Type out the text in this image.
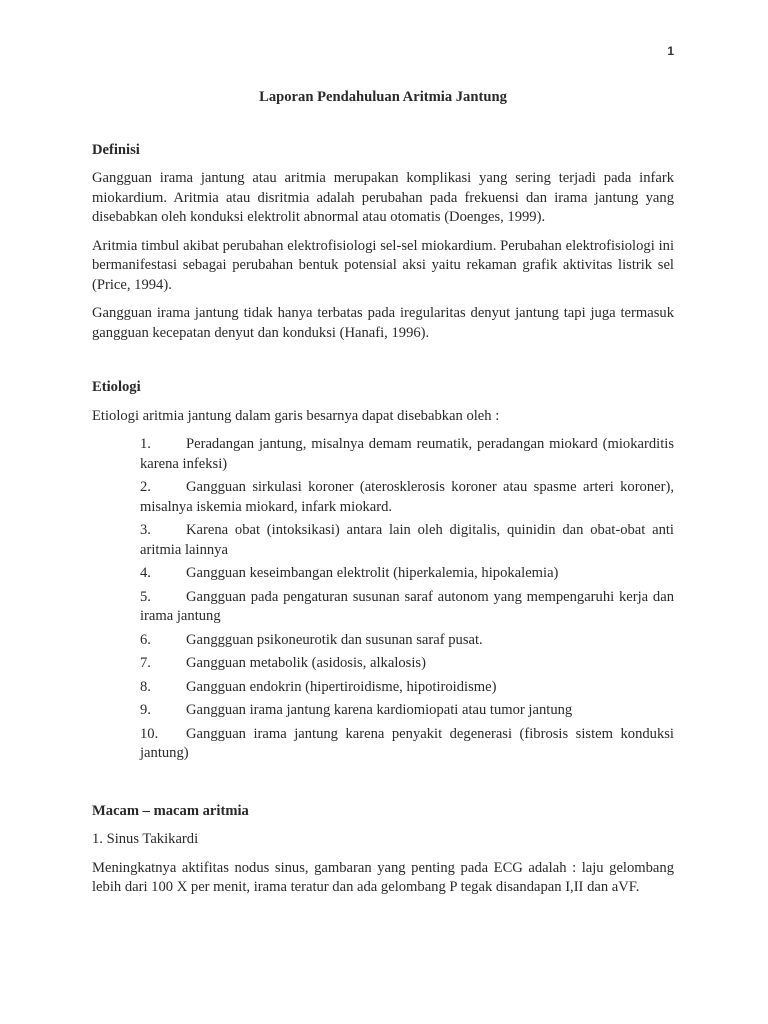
1
Laporan Pendahuluan Aritmia Jantung
Definisi

Gangguan irama jantung atau aritmia merupakan komplikasi yang sering terjadi pada infark miokardium. Aritmia atau disritmia adalah perubahan pada frekuensi dan irama jantung yang disebabkan oleh konduksi elektrolit abnormal atau otomatis (Doenges, 1999).

Aritmia timbul akibat perubahan elektrofisiologi sel-sel miokardium. Perubahan elektrofisiologi ini bermanifestasi sebagai perubahan bentuk potensial aksi yaitu rekaman grafik aktivitas listrik sel (Price, 1994).

Gangguan irama jantung tidak hanya terbatas pada iregularitas denyut jantung tapi juga termasuk gangguan kecepatan denyut dan konduksi (Hanafi, 1996).

Etiologi

Etiologi aritmia jantung dalam garis besarnya dapat disebabkan oleh :

1. Peradangan jantung, misalnya demam reumatik, peradangan miokard (miokarditis karena infeksi)
2. Gangguan sirkulasi koroner (aterosklerosis koroner atau spasme arteri koroner), misalnya iskemia miokard, infark miokard.
3. Karena obat (intoksikasi) antara lain oleh digitalis, quinidin dan obat-obat anti aritmia lainnya
4. Gangguan keseimbangan elektrolit (hiperkalemia, hipokalemia)
5. Gangguan pada pengaturan susunan saraf autonom yang mempengaruhi kerja dan irama jantung
6. Ganggguan psikoneurotik dan susunan saraf pusat.
7. Gangguan metabolik (asidosis, alkalosis)
8. Gangguan endokrin (hipertiroidisme, hipotiroidisme)
9. Gangguan irama jantung karena kardiomiopati atau tumor jantung
10. Gangguan irama jantung karena penyakit degenerasi (fibrosis sistem konduksi jantung)
Macam – macam aritmia

1. Sinus Takikardi

Meningkatnya aktifitas nodus sinus, gambaran yang penting pada ECG adalah : laju gelombang lebih dari 100 X per menit, irama teratur dan ada gelombang P tegak disandapan I,II dan aVF.
